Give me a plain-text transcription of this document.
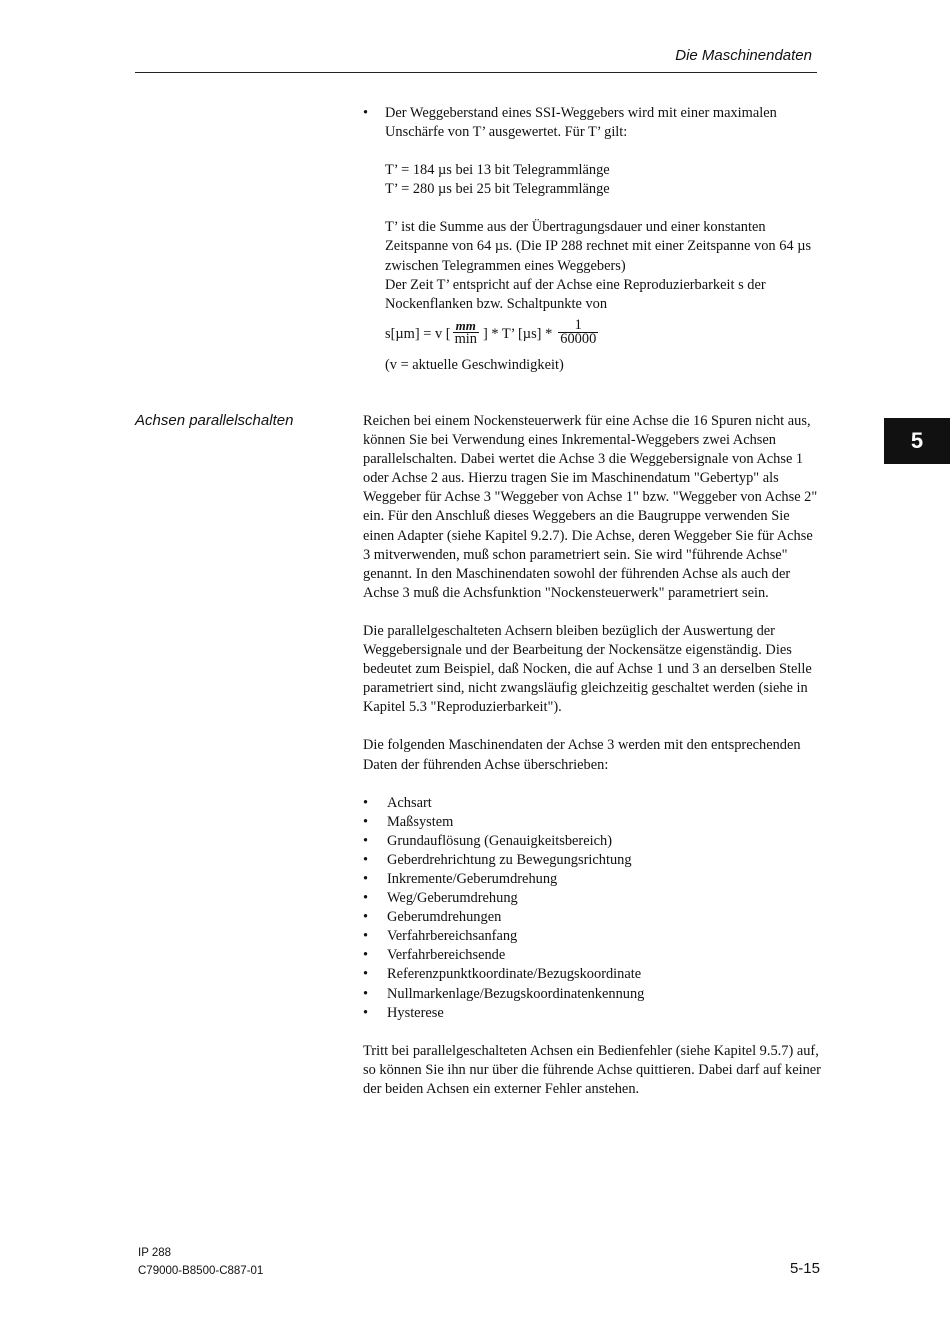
Die Maschinendaten
•	Der Weggeberstand eines SSI-Weggebers wird mit einer maximalen Unschärfe von T’ ausgewertet. Für T’ gilt:

T’ = 184 µs bei 13 bit Telegrammlänge

T’ = 280 µs bei 25 bit Telegrammlänge

T’ ist die Summe aus der Übertragungsdauer und einer konstanten Zeitspanne von 64 µs. (Die IP 288 rechnet mit einer Zeitspanne von 64 µs zwischen Telegrammen eines Weggebers)

Der Zeit T’ entspricht auf der Achse eine Reproduzierbarkeit s der Nockenflanken bzw. Schaltpunkte von

s[µm] = v [ $\frac{mm}{\min}$ ] * T’ $[\mu s] * \frac{1}{60000}$

(v = aktuelle Geschwindigkeit)

Achsen parallelschalten	Reichen bei einem Nockensteuerwerk für eine Achse die 16 Spuren nicht aus, können Sie bei Verwendung eines Inkremental-Weggebers zwei Achsen parallelschalten. Dabei wertet die Achse 3 die Weggebersignale von Achse 1 oder Achse 2 aus. Hierzu tragen Sie im Maschinendatum "Gebertyp" als Weggeber für Achse 3 "Weggeber von Achse 1" bzw. "Weggeber von Achse 2" ein. Für den Anschluß dieses Weggebers an die Baugruppe verwenden Sie einen Adapter (siehe Kapitel 9.2.7). Die Achse, deren Weggeber Sie für Achse 3 mitverwenden, muß schon parametriert sein. Sie wird "führende Achse" genannt. In den Maschinendaten sowohl der führenden Achse als auch der Achse 3 muß die Achsfunktion "Nockensteuerwerk" parametriert sein.

Die parallelgeschalteten Achsern bleiben bezüglich der Auswertung der Weggebersignale und der Bearbeitung der Nockensätze eigenständig. Dies bedeutet zum Beispiel, daß Nocken, die auf Achse 1 und 3 an derselben Stelle parametriert sind, nicht zwangsläufig gleichzeitig geschaltet werden (siehe in Kapitel 5.3 "Reproduzierbarkeit").

Die folgenden Maschinendaten der Achse 3 werden mit den entsprechenden Daten der führenden Achse überschrieben:

•	Achsart
•	Maßsystem
•	Grundauflösung (Genauigkeitsbereich)
•	Geberdrehrichtung zu Bewegungsrichtung
•	Inkremente/Geberumdrehung
•	Weg/Geberumdrehung
•	Geberumdrehungen
•	Verfahrbereichsanfang
•	Verfahrbereichsende
•	Referenzpunktkoordinate/Bezugskoordinate
•	Nullmarkenlage/Bezugskoordinatenkennung
•	Hysterese

Tritt bei parallelgeschalteten Achsen ein Bedienfehler (siehe Kapitel 9.5.7) auf, so können Sie ihn nur über die führende Achse quittieren. Dabei darf auf keiner der beiden Achsen ein externer Fehler anstehen.

5
IP 288
C79000-B8500-C887-01	5-15
